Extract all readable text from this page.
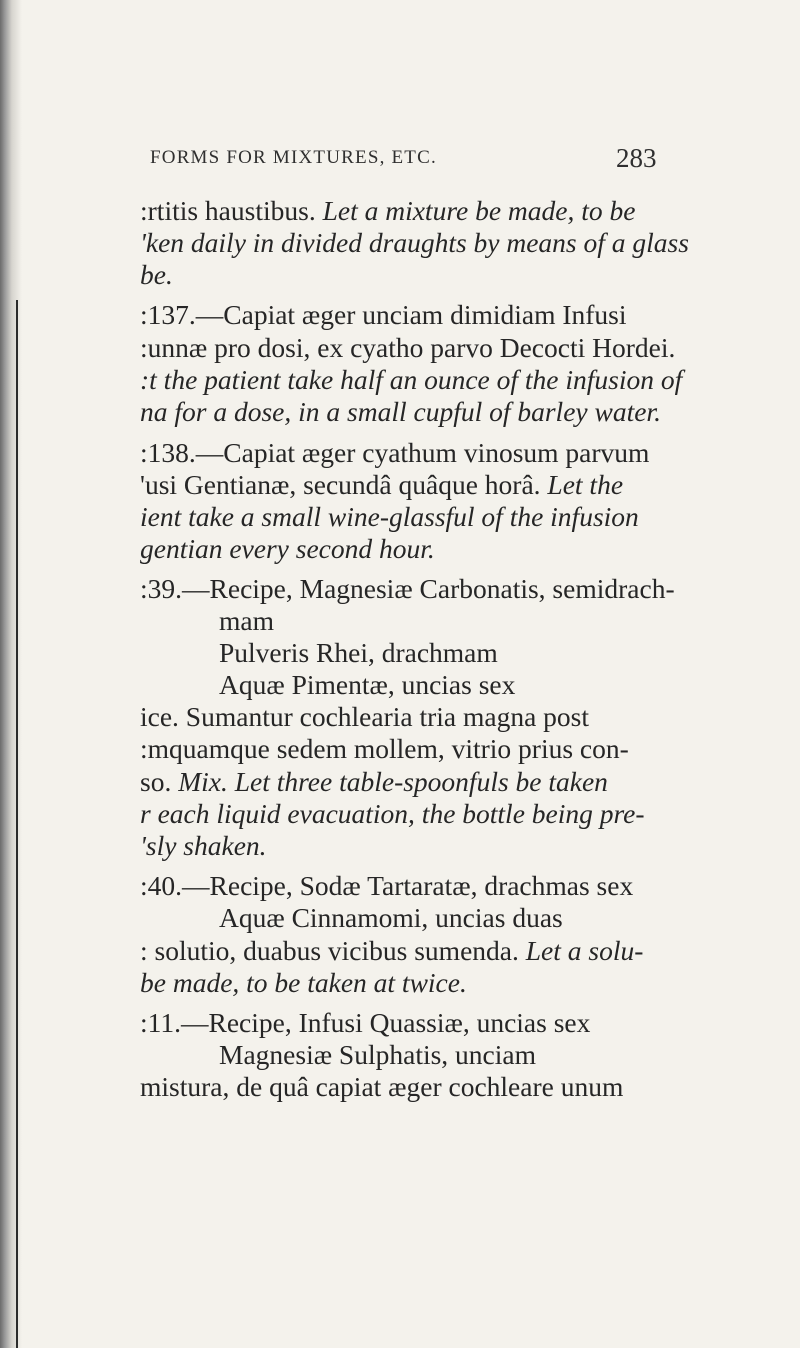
FORMS FOR MIXTURES, ETC.	283
:rtitis haustibus. Let a mixture be made, to be
'ken daily in divided draughts by means of a glass
be.
:137.—Capiat æger unciam dimidiam Infusi
:unnæ pro dosi, ex cyatho parvo Decocti Hordei.
:t the patient take half an ounce of the infusion of
na for a dose, in a small cupful of barley water.
:138.—Capiat æger cyathum vinosum parvum
'usi Gentianæ, secundâ quâque horâ. Let the
ient take a small wine-glassful of the infusion
gentian every second hour.
:39.—Recipe, Magnesiæ Carbonatis, semidrach-
mam
Pulveris Rhei, drachmam
Aquæ Pimentæ, uncias sex
ice. Sumantur cochlearia tria magna post
:mquamque sedem mollem, vitrio prius con-
so. Mix. Let three table-spoonfuls be taken
r each liquid evacuation, the bottle being pre-
'sly shaken.
:40.—Recipe, Sodæ Tartaratæ, drachmas sex
Aquæ Cinnamomi, uncias duas
: solutio, duabus vicibus sumenda. Let a solu-
be made, to be taken at twice.
:11.—Recipe, Infusi Quassiæ, uncias sex
Magnesiæ Sulphatis, unciam
mistura, de quâ capiat æger cochleare unum
